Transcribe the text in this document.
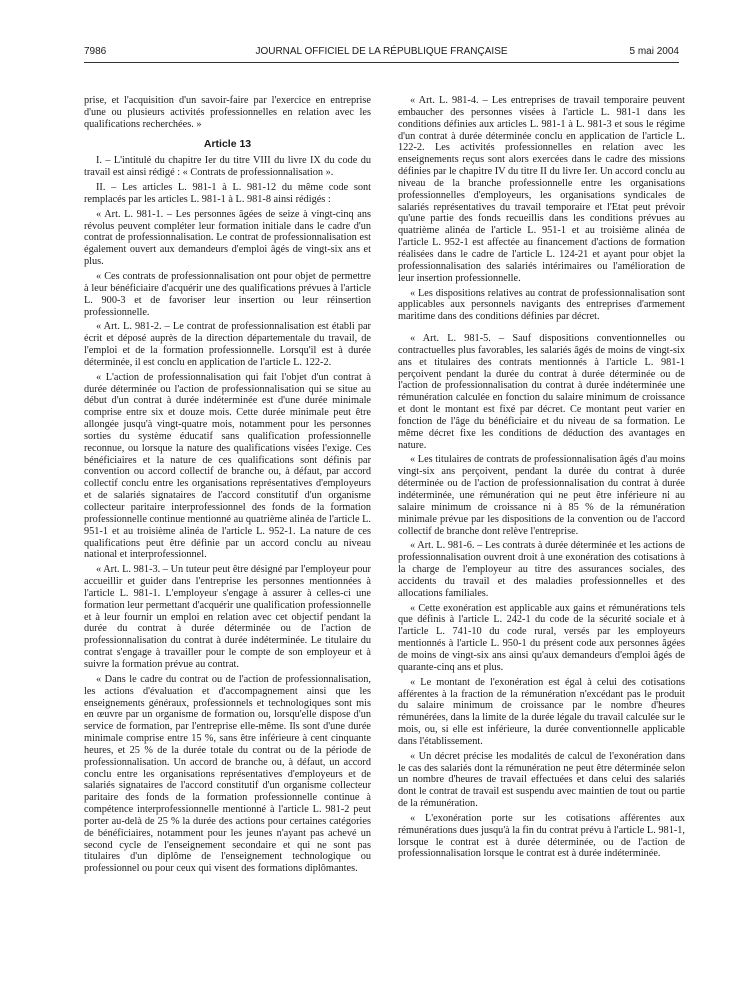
7986	JOURNAL OFFICIEL DE LA RÉPUBLIQUE FRANÇAISE	5 mai 2004

prise, et l'acquisition d'un savoir-faire par l'exercice en entreprise d'une ou plusieurs activités professionnelles en relation avec les qualifications recherchées. »

Article 13

I. – L'intitulé du chapitre Ier du titre VIII du livre IX du code du travail est ainsi rédigé : « Contrats de professionnalisation ».

II. – Les articles L. 981-1 à L. 981-12 du même code sont remplacés par les articles L. 981-1 à L. 981-8 ainsi rédigés :

« Art. L. 981-1. – Les personnes âgées de seize à vingt-cinq ans révolus peuvent compléter leur formation initiale dans le cadre d'un contrat de professionnalisation. Le contrat de professionnalisation est également ouvert aux demandeurs d'emploi âgés de vingt-six ans et plus.

« Ces contrats de professionnalisation ont pour objet de permettre à leur bénéficiaire d'acquérir une des qualifications prévues à l'article L. 900-3 et de favoriser leur insertion ou leur réinsertion professionnelle.

« Art. L. 981-2. – Le contrat de professionnalisation est établi par écrit et déposé auprès de la direction départementale du travail, de l'emploi et de la formation professionnelle. Lorsqu'il est à durée déterminée, il est conclu en application de l'article L. 122-2.

« L'action de professionnalisation qui fait l'objet d'un contrat à durée déterminée ou l'action de professionnalisation qui se situe au début d'un contrat à durée indéterminée est d'une durée minimale comprise entre six et douze mois. Cette durée minimale peut être allongée jusqu'à vingt-quatre mois, notamment pour les personnes sorties du système éducatif sans qualification professionnelle reconnue, ou lorsque la nature des qualifications visées l'exige. Ces bénéficiaires et la nature de ces qualifications sont définis par convention ou accord collectif de branche ou, à défaut, par accord collectif conclu entre les organisations représentatives d'employeurs et de salariés signataires de l'accord constitutif d'un organisme collecteur paritaire interprofessionnel des fonds de la formation professionnelle continue mentionné au quatrième alinéa de l'article L. 951-1 et au troisième alinéa de l'article L. 952-1. La nature de ces qualifications peut être définie par un accord conclu au niveau national et interprofessionnel.

« Art. L. 981-3. – Un tuteur peut être désigné par l'employeur pour accueillir et guider dans l'entreprise les personnes mentionnées à l'article L. 981-1. L'employeur s'engage à assurer à celles-ci une formation leur permettant d'acquérir une qualification professionnelle et à leur fournir un emploi en relation avec cet objectif pendant la durée du contrat à durée déterminée ou de l'action de professionnalisation du contrat à durée indéterminée. Le titulaire du contrat s'engage à travailler pour le compte de son employeur et à suivre la formation prévue au contrat.

« Dans le cadre du contrat ou de l'action de professionnalisation, les actions d'évaluation et d'accompagnement ainsi que les enseignements généraux, professionnels et technologiques sont mis en œuvre par un organisme de formation ou, lorsqu'elle dispose d'un service de formation, par l'entreprise elle-même. Ils sont d'une durée minimale comprise entre 15 %, sans être inférieure à cent cinquante heures, et 25 % de la durée totale du contrat ou de la période de professionnalisation. Un accord de branche ou, à défaut, un accord conclu entre les organisations représentatives d'employeurs et de salariés signataires de l'accord constitutif d'un organisme collecteur paritaire des fonds de la formation professionnelle continue à compétence interprofessionnelle mentionné à l'article L. 981-2 peut porter au-delà de 25 % la durée des actions pour certaines catégories de bénéficiaires, notamment pour les jeunes n'ayant pas achevé un second cycle de l'enseignement secondaire et qui ne sont pas titulaires d'un diplôme de l'enseignement technologique ou professionnel ou pour ceux qui visent des formations diplômantes.

« Art. L. 981-4. – Les entreprises de travail temporaire peuvent embaucher des personnes visées à l'article L. 981-1 dans les conditions définies aux articles L. 981-1 à L. 981-3 et sous le régime d'un contrat à durée déterminée conclu en application de l'article L. 122-2. Les activités professionnelles en relation avec les enseignements reçus sont alors exercées dans le cadre des missions définies par le chapitre IV du titre II du livre Ier. Un accord conclu au niveau de la branche professionnelle entre les organisations professionnelles d'employeurs, les organisations syndicales de salariés représentatives du travail temporaire et l'Etat peut prévoir qu'une partie des fonds recueillis dans les conditions prévues au quatrième alinéa de l'article L. 951-1 et au troisième alinéa de l'article L. 952-1 est affectée au financement d'actions de formation réalisées dans le cadre de l'article L. 124-21 et ayant pour objet la professionnalisation des salariés intérimaires ou l'amélioration de leur insertion professionnelle.

« Les dispositions relatives au contrat de professionnalisation sont applicables aux personnels navigants des entreprises d'armement maritime dans des conditions définies par décret.

« Art. L. 981-5. – Sauf dispositions conventionnelles ou contractuelles plus favorables, les salariés âgés de moins de vingt-six ans et titulaires des contrats mentionnés à l'article L. 981-1 perçoivent pendant la durée du contrat à durée déterminée ou de l'action de professionnalisation du contrat à durée indéterminée une rémunération calculée en fonction du salaire minimum de croissance et dont le montant est fixé par décret. Ce montant peut varier en fonction de l'âge du bénéficiaire et du niveau de sa formation. Le même décret fixe les conditions de déduction des avantages en nature.

« Les titulaires de contrats de professionnalisation âgés d'au moins vingt-six ans perçoivent, pendant la durée du contrat à durée déterminée ou de l'action de professionnalisation du contrat à durée indéterminée, une rémunération qui ne peut être inférieure ni au salaire minimum de croissance ni à 85 % de la rémunération minimale prévue par les dispositions de la convention ou de l'accord collectif de branche dont relève l'entreprise.

« Art. L. 981-6. – Les contrats à durée déterminée et les actions de professionnalisation ouvrent droit à une exonération des cotisations à la charge de l'employeur au titre des assurances sociales, des accidents du travail et des maladies professionnelles et des allocations familiales.

« Cette exonération est applicable aux gains et rémunérations tels que définis à l'article L. 242-1 du code de la sécurité sociale et à l'article L. 741-10 du code rural, versés par les employeurs mentionnés à l'article L. 950-1 du présent code aux personnes âgées de moins de vingt-six ans ainsi qu'aux demandeurs d'emploi âgés de quarante-cinq ans et plus.

« Le montant de l'exonération est égal à celui des cotisations afférentes à la fraction de la rémunération n'excédant pas le produit du salaire minimum de croissance par le nombre d'heures rémunérées, dans la limite de la durée légale du travail calculée sur le mois, ou, si elle est inférieure, la durée conventionnelle applicable dans l'établissement.

« Un décret précise les modalités de calcul de l'exonération dans le cas des salariés dont la rémunération ne peut être déterminée selon un nombre d'heures de travail effectuées et dans celui des salariés dont le contrat de travail est suspendu avec maintien de tout ou partie de la rémunération.

« L'exonération porte sur les cotisations afférentes aux rémunérations dues jusqu'à la fin du contrat prévu à l'article L. 981-1, lorsque le contrat est à durée déterminée, ou de l'action de professionnalisation lorsque le contrat est à durée indéterminée.
